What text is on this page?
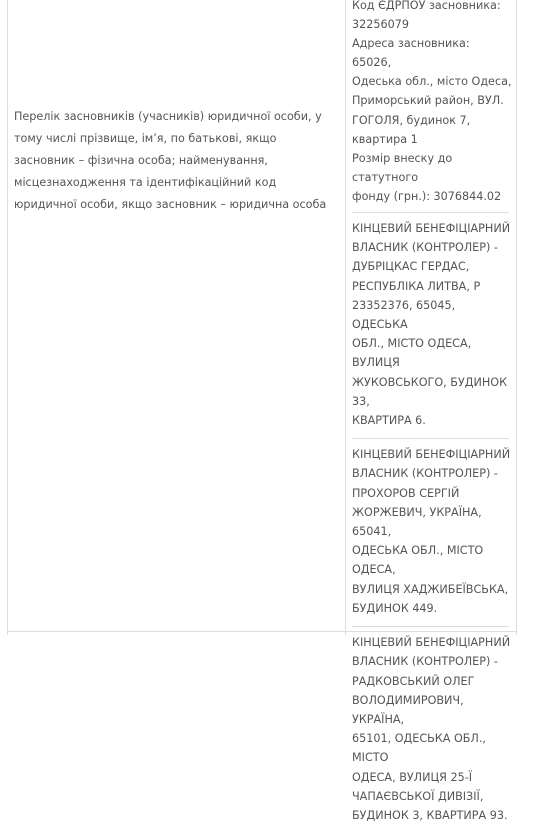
Перелік засновників (учасників) юридичної особи, у тому числі прізвище, ім’я, по батькові, якщо засновник – фізична особа; найменування, місцезнаходження та ідентифікаційний код юридичної особи, якщо засновник – юридична особа
Код ЄДРПОУ засновника:
32256079
Адреса засновника: 65026,
Одеська обл., місто Одеса,
Приморський район, ВУЛ.
ГОГОЛЯ, будинок 7, квартира 1
Розмір внеску до статутного
фонду (грн.): 3076844.02
КІНЦЕВИЙ БЕНЕФІЦІАРНИЙ
ВЛАСНИК (КОНТРОЛЕР) -
ДУБРІЦКАС ГЕРДАС,
РЕСПУБЛІКА ЛИТВА, Р
23352376, 65045, ОДЕСЬКА
ОБЛ., МІСТО ОДЕСА, ВУЛИЦЯ
ЖУКОВСЬКОГО, БУДИНОК 33,
КВАРТИРА 6.
КІНЦЕВИЙ БЕНЕФІЦІАРНИЙ
ВЛАСНИК (КОНТРОЛЕР) -
ПРОХОРОВ СЕРГІЙ
ЖОРЖЕВИЧ, УКРАЇНА, 65041,
ОДЕСЬКА ОБЛ., МІСТО ОДЕСА,
ВУЛИЦЯ ХАДЖИБЕЇВСЬКА,
БУДИНОК 449.
КІНЦЕВИЙ БЕНЕФІЦІАРНИЙ
ВЛАСНИК (КОНТРОЛЕР) -
РАДКОВСЬКИЙ ОЛЕГ
ВОЛОДИМИРОВИЧ, УКРАЇНА,
65101, ОДЕСЬКА ОБЛ., МІСТО
ОДЕСА, ВУЛИЦЯ 25-Ї
ЧАПАЄВСЬКОЇ ДИВІЗІЇ,
БУДИНОК 3, КВАРТИРА 93.
